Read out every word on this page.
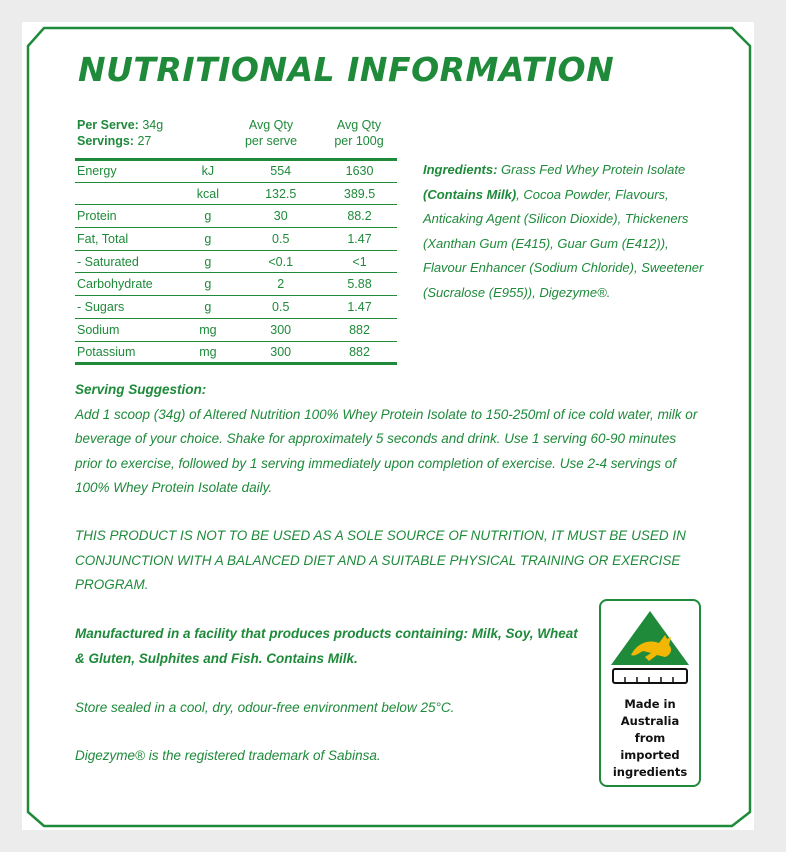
NUTRITIONAL INFORMATION
Per Serve: 34g
Servings: 27
Avg Qty
per serve
Avg Qty
per 100g
Energy	kJ	554	1630
	kcal	132.5	389.5
Protein	g	30	88.2
Fat, Total	g	0.5	1.47
- Saturated	g	<0.1	<1
Carbohydrate	g	2	5.88
- Sugars	g	0.5	1.47
Sodium	mg	300	882
Potassium	mg	300	882
Ingredients: Grass Fed Whey Protein Isolate (Contains Milk), Cocoa Powder, Flavours, Anticaking Agent (Silicon Dioxide), Thickeners (Xanthan Gum (E415), Guar Gum (E412)), Flavour Enhancer (Sodium Chloride), Sweetener (Sucralose (E955)), Digezyme®.
Serving Suggestion:
Add 1 scoop (34g) of Altered Nutrition 100% Whey Protein Isolate to 150-250ml of ice cold water, milk or beverage of your choice. Shake for approximately 5 seconds and drink. Use 1 serving 60-90 minutes prior to exercise, followed by 1 serving immediately upon completion of exercise. Use 2-4 servings of 100% Whey Protein Isolate daily.
THIS PRODUCT IS NOT TO BE USED AS A SOLE SOURCE OF NUTRITION, IT MUST BE USED IN CONJUNCTION WITH A BALANCED DIET AND A SUITABLE PHYSICAL TRAINING OR EXERCISE PROGRAM.
Manufactured in a facility that produces products containing: Milk, Soy, Wheat & Gluten, Sulphites and Fish. Contains Milk.
Store sealed in a cool, dry, odour-free environment below 25°C.
Digezyme® is the registered trademark of Sabinsa.
Made in
Australia
from
imported
ingredients
